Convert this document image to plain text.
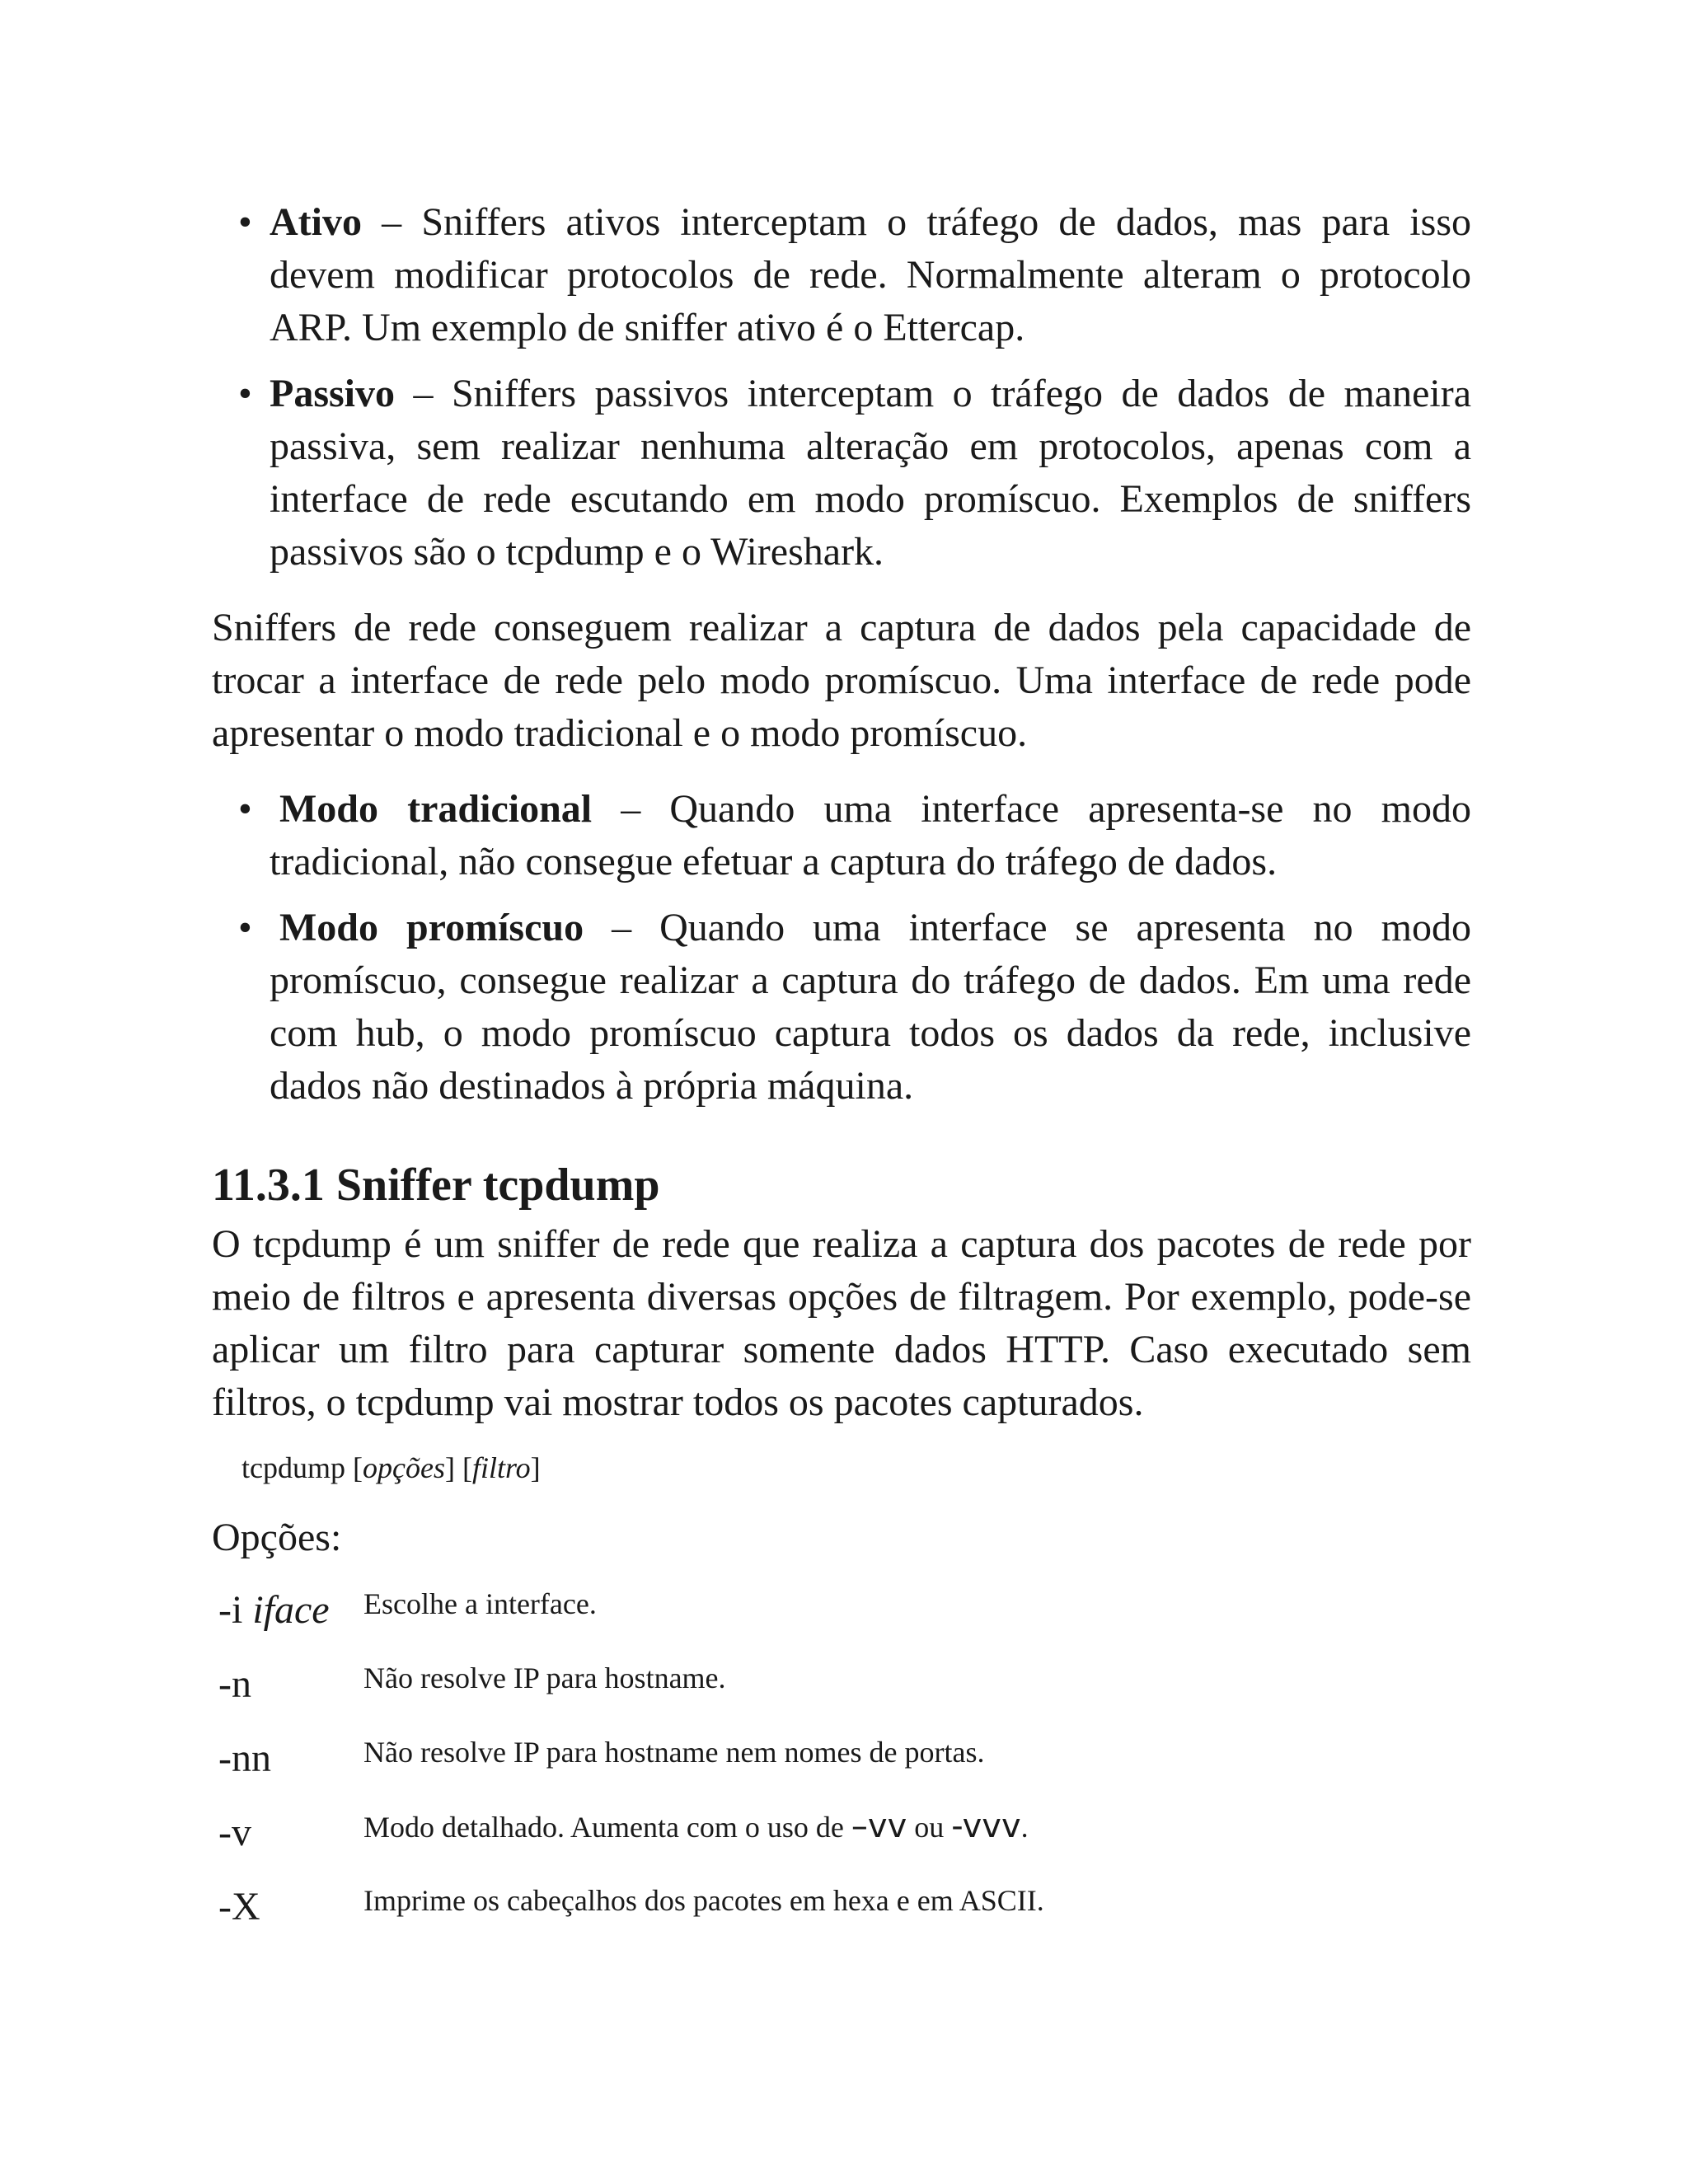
• Ativo – Sniffers ativos interceptam o tráfego de dados, mas para isso devem modificar protocolos de rede. Normalmente alteram o protocolo ARP. Um exemplo de sniffer ativo é o Ettercap.
• Passivo – Sniffers passivos interceptam o tráfego de dados de maneira passiva, sem realizar nenhuma alteração em protocolos, apenas com a interface de rede escutando em modo promíscuo. Exemplos de sniffers passivos são o tcpdump e o Wireshark.

Sniffers de rede conseguem realizar a captura de dados pela capacidade de trocar a interface de rede pelo modo promíscuo. Uma interface de rede pode apresentar o modo tradicional e o modo promíscuo.

• Modo tradicional – Quando uma interface apresenta-se no modo tradicional, não consegue efetuar a captura do tráfego de dados.
• Modo promíscuo – Quando uma interface se apresenta no modo promíscuo, consegue realizar a captura do tráfego de dados. Em uma rede com hub, o modo promíscuo captura todos os dados da rede, inclusive dados não destinados à própria máquina.
11.3.1 Sniffer tcpdump

O tcpdump é um sniffer de rede que realiza a captura dos pacotes de rede por meio de filtros e apresenta diversas opções de filtragem. Por exemplo, pode-se aplicar um filtro para capturar somente dados HTTP. Caso executado sem filtros, o tcpdump vai mostrar todos os pacotes capturados.

tcpdump [opções] [filtro]
Opções:
-i iface	Escolhe a interface.
-n	Não resolve IP para hostname.
-nn	Não resolve IP para hostname nem nomes de portas.
-v	Modo detalhado. Aumenta com o uso de –vv ou -vvv.
-X	Imprime os cabeçalhos dos pacotes em hexa e em ASCII.
